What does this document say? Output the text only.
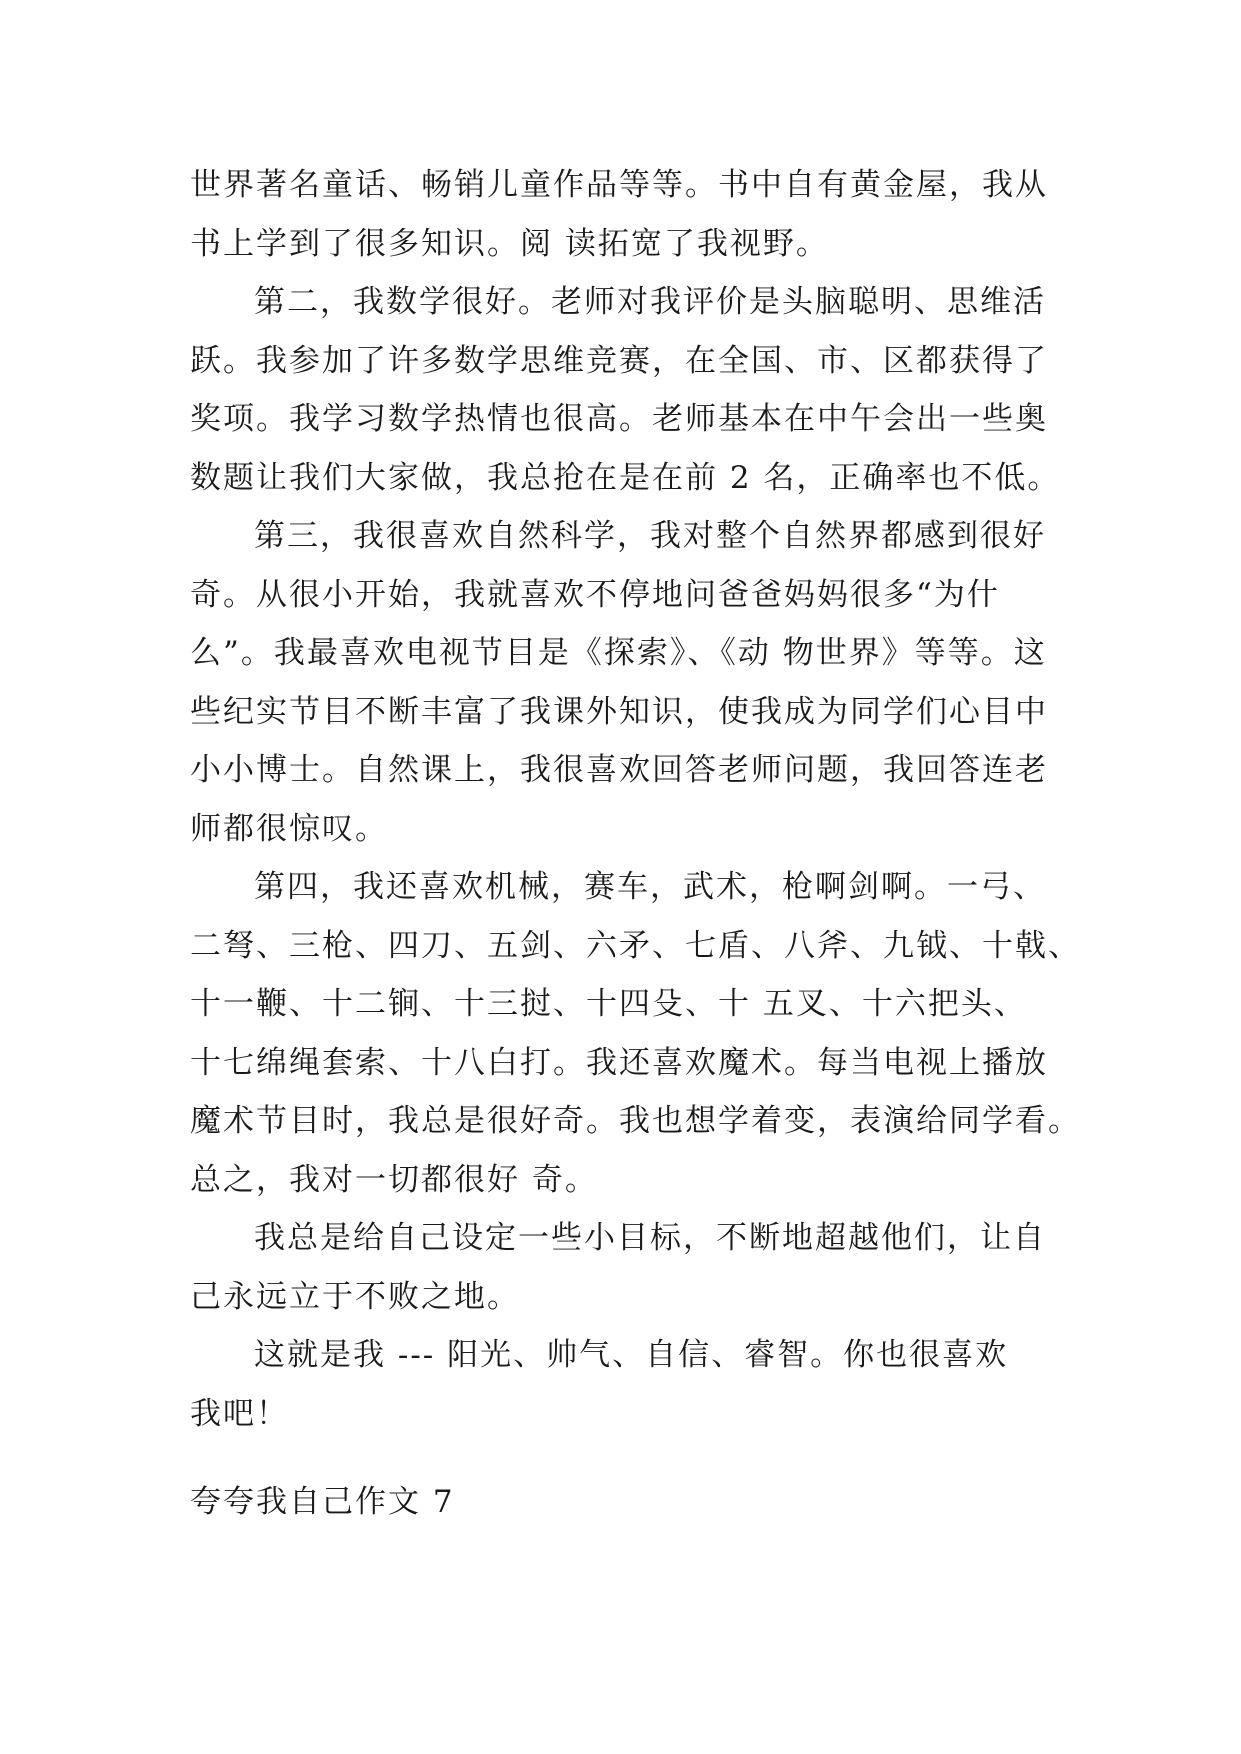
世界著名童话、畅销儿童作品等等。书中自有黄金屋，我从
书上学到了很多知识。阅 读拓宽了我视野。
第二，我数学很好。老师对我评价是头脑聪明、思维活
跃。我参加了许多数学思维竞赛，在全国、市、区都获得了
奖项。我学习数学热情也很高。老师基本在中午会出一些奥
数题让我们大家做，我总抢在是在前 2 名，正确率也不低。
第三，我很喜欢自然科学，我对整个自然界都感到很好
奇。从很小开始，我就喜欢不停地问爸爸妈妈很多“为什
么”。我最喜欢电视节目是《探索》、《动 物世界》等等。这
些纪实节目不断丰富了我课外知识，使我成为同学们心目中
小小博士。自然课上，我很喜欢回答老师问题，我回答连老
师都很惊叹。
第四，我还喜欢机械，赛车，武术，枪啊剑啊。一弓、
二弩、三枪、四刀、五剑、六矛、七盾、八斧、九钺、十戟、
十一鞭、十二锏、十三挝、十四殳、十 五叉、十六把头、
十七绵绳套索、十八白打。我还喜欢魔术。每当电视上播放
魔术节目时，我总是很好奇。我也想学着变，表演给同学看。
总之，我对一切都很好 奇。
我总是给自己设定一些小目标，不断地超越他们，让自
己永远立于不败之地。
这就是我 --- 阳光、帅气、自信、睿智。你也很喜欢
我吧！
夸夸我自己作文 7
